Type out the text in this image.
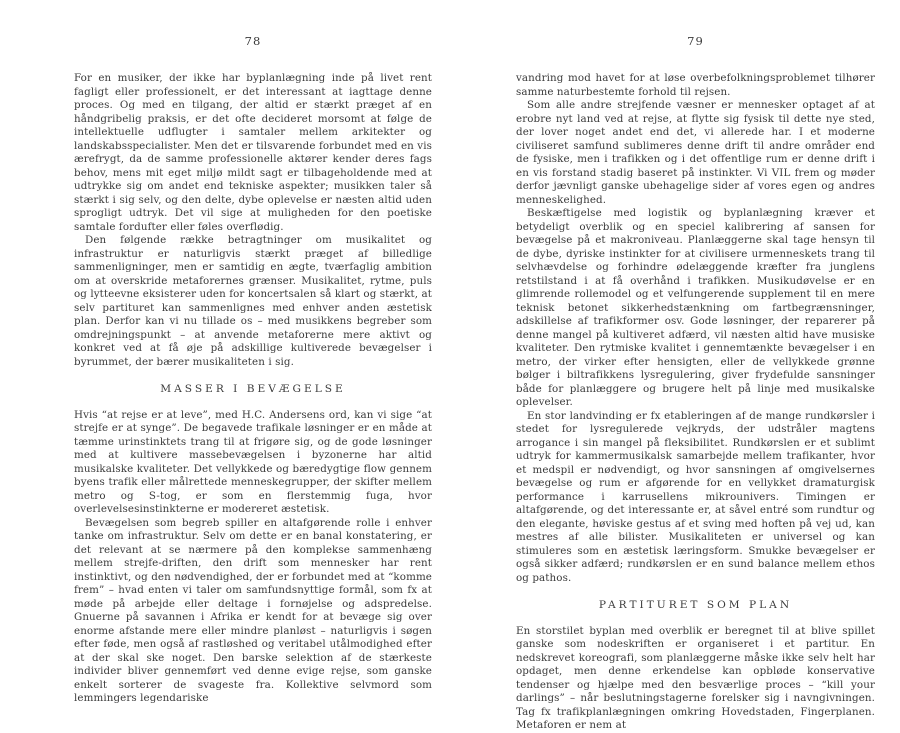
78

For en musiker, der ikke har byplanlægning inde på livet rent fagligt eller professionelt, er det interessant at iagttage denne proces. Og med en tilgang, der altid er stærkt præget af en håndgribelig praksis, er det ofte decideret morsomt at følge de intellektuelle udflugter i samtaler mellem arkitekter og landskabsspecialister. Men det er tilsvarende forbundet med en vis ærefrygt, da de samme professionelle aktører kender deres fags behov, mens mit eget miljø mildt sagt er tilbageholdende med at udtrykke sig om andet end tekniske aspekter; musikken taler så stærkt i sig selv, og den delte, dybe oplevelse er næsten altid uden sprogligt udtryk. Det vil sige at muligheden for den poetiske samtale fordufter eller føles overflødig.

Den følgende række betragtninger om musikalitet og infrastruktur er naturligvis stærkt præget af billedlige sammenligninger, men er samtidig en ægte, tværfaglig ambition om at overskride metaforernes grænser. Musikalitet, rytme, puls og lytteevne eksisterer uden for koncertsalen så klart og stærkt, at selv partituret kan sammenlignes med enhver anden æstetisk plan. Derfor kan vi nu tillade os – med musikkens begreber som omdrejningspunkt – at anvende metaforerne mere aktivt og konkret ved at få øje på adskillige kultiverede bevægelser i byrummet, der bærer musikaliteten i sig.

MASSER I BEVÆGELSE

Hvis “at rejse er at leve”, med H.C. Andersens ord, kan vi sige “at strejfe er at synge”. De begavede trafikale løsninger er en måde at tæmme urinstinktets trang til at frigøre sig, og de gode løsninger med at kultivere massebevægelsen i byzonerne har altid musikalske kvaliteter. Det vellykkede og bæredygtige flow gennem byens trafik eller målrettede menneskegrupper, der skifter mellem metro og S-tog, er som en flerstemmig fuga, hvor overlevelsesinstinkterne er modereret æstetisk.

Bevægelsen som begreb spiller en altafgørende rolle i enhver tanke om infrastruktur. Selv om dette er en banal konstatering, er det relevant at se nærmere på den komplekse sammenhæng mellem strejfe-driften, den drift som mennesker har rent instinktivt, og den nødvendighed, der er forbundet med at “komme frem” – hvad enten vi taler om samfundsnyttige formål, som fx at møde på arbejde eller deltage i fornøjelse og adspredelse. Gnuerne på savannen i Afrika er kendt for at bevæge sig over enorme afstande mere eller mindre planløst – naturligvis i søgen efter føde, men også af rastløshed og veritabel utålmodighed efter at der skal ske noget. Den barske selektion af de stærkeste individer bliver gennemført ved denne evige rejse, som ganske enkelt sorterer de svageste fra. Kollektive selvmord som lemmingers legendariske

79

vandring mod havet for at løse overbefolkningsproblemet tilhører samme naturbestemte forhold til rejsen.

Som alle andre strejfende væsner er mennesker optaget af at erobre nyt land ved at rejse, at flytte sig fysisk til dette nye sted, der lover noget andet end det, vi allerede har. I et moderne civiliseret samfund sublimeres denne drift til andre områder end de fysiske, men i trafikken og i det offentlige rum er denne drift i en vis forstand stadig baseret på instinkter. Vi VIL frem og møder derfor jævnligt ganske ubehagelige sider af vores egen og andres menneskelighed.

Beskæftigelse med logistik og byplanlægning kræver et betydeligt overblik og en speciel kalibrering af sansen for bevægelse på et makroniveau. Planlæggerne skal tage hensyn til de dybe, dyriske instinkter for at civilisere urmenneskets trang til selvhævdelse og forhindre ødelæggende kræfter fra junglens retstilstand i at få overhånd i trafikken. Musikudøvelse er en glimrende rollemodel og et velfungerende supplement til en mere teknisk betonet sikkerhedstænkning om fartbegrænsninger, adskillelse af trafikformer osv. Gode løsninger, der reparerer på denne mangel på kultiveret adfærd, vil næsten altid have musiske kvaliteter. Den rytmiske kvalitet i gennemtænkte bevægelser i en metro, der virker efter hensigten, eller de vellykkede grønne bølger i biltrafikkens lysregulering, giver frydefulde sansninger både for planlæggere og brugere helt på linje med musikalske oplevelser.

En stor landvinding er fx etableringen af de mange rundkørsler i stedet for lysregulerede vejkryds, der udstråler magtens arrogance i sin mangel på fleksibilitet. Rundkørslen er et sublimt udtryk for kammermusikalsk samarbejde mellem trafikanter, hvor et medspil er nødvendigt, og hvor sansningen af omgivelsernes bevægelse og rum er afgørende for en vellykket dramaturgisk performance i karrusellens mikrounivers. Timingen er altafgørende, og det interessante er, at såvel entré som rundtur og den elegante, høviske gestus af et sving med hoften på vej ud, kan mestres af alle bilister. Musikaliteten er universel og kan stimuleres som en æstetisk læringsform. Smukke bevægelser er også sikker adfærd; rundkørslen er en sund balance mellem ethos og pathos.

PARTITURET SOM PLAN

En storstilet byplan med overblik er beregnet til at blive spillet ganske som nodeskriften er organiseret i et partitur. En nedskrevet koreografi, som planlæggerne måske ikke selv helt har opdaget, men denne erkendelse kan opbløde konservative tendenser og hjælpe med den besværlige proces – “kill your darlings” – når beslutningstagerne forelsker sig i navngivningen. Tag fx trafikplanlægningen omkring Hovedstaden, Fingerplanen. Metaforen er nem at
